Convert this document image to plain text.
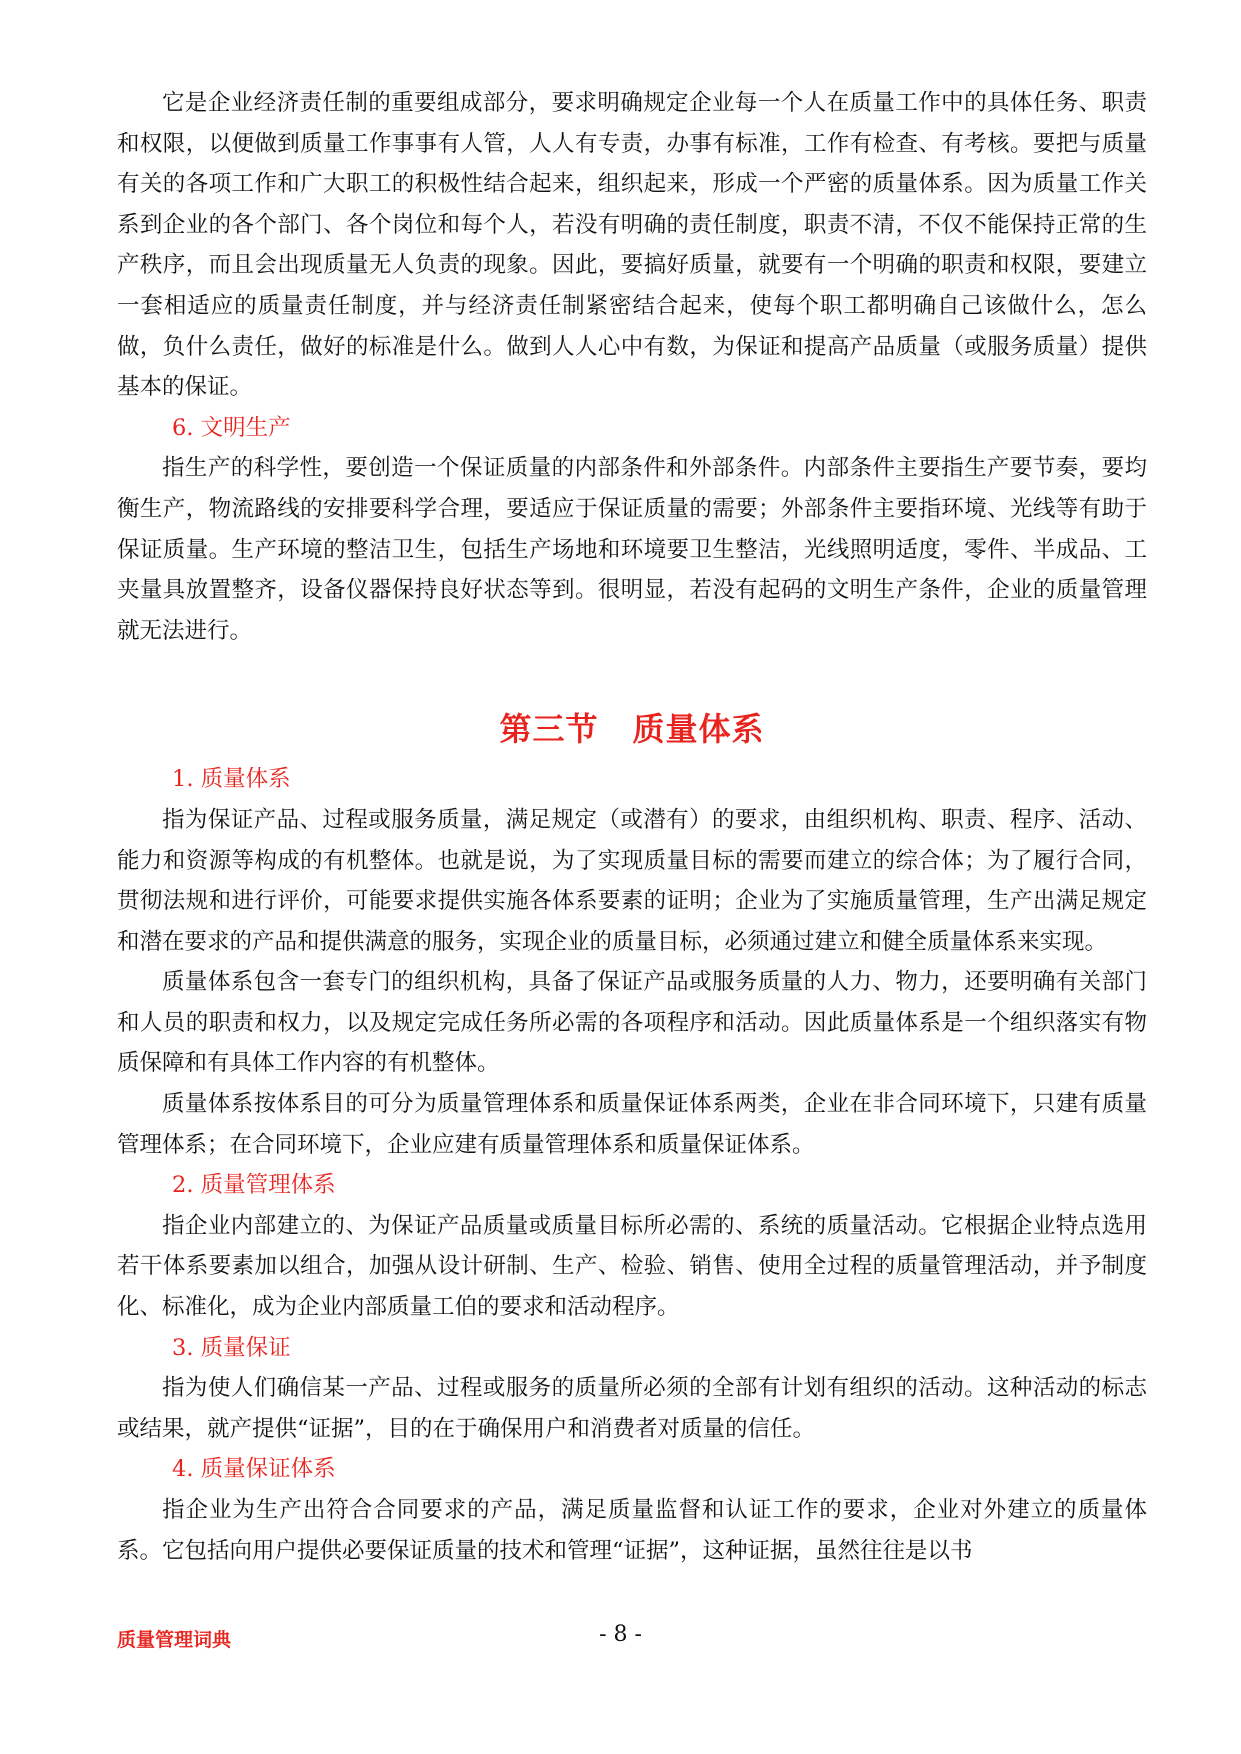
它是企业经济责任制的重要组成部分，要求明确规定企业每一个人在质量工作中的具体任务、职责和权限，以便做到质量工作事事有人管，人人有专责，办事有标准，工作有检查、有考核。要把与质量有关的各项工作和广大职工的积极性结合起来，组织起来，形成一个严密的质量体系。因为质量工作关系到企业的各个部门、各个岗位和每个人，若没有明确的责任制度，职责不清，不仅不能保持正常的生产秩序，而且会出现质量无人负责的现象。因此，要搞好质量，就要有一个明确的职责和权限，要建立一套相适应的质量责任制度，并与经济责任制紧密结合起来，使每个职工都明确自己该做什么，怎么做，负什么责任，做好的标准是什么。做到人人心中有数，为保证和提高产品质量（或服务质量）提供基本的保证。

6. 文明生产

指生产的科学性，要创造一个保证质量的内部条件和外部条件。内部条件主要指生产要节奏，要均衡生产，物流路线的安排要科学合理，要适应于保证质量的需要；外部条件主要指环境、光线等有助于保证质量。生产环境的整洁卫生，包括生产场地和环境要卫生整洁，光线照明适度，零件、半成品、工夹量具放置整齐，设备仪器保持良好状态等到。很明显，若没有起码的文明生产条件，企业的质量管理就无法进行。

第三节 质量体系
1. 质量体系

指为保证产品、过程或服务质量，满足规定（或潜有）的要求，由组织机构、职责、程序、活动、能力和资源等构成的有机整体。也就是说，为了实现质量目标的需要而建立的综合体；为了履行合同，贯彻法规和进行评价，可能要求提供实施各体系要素的证明；企业为了实施质量管理，生产出满足规定和潜在要求的产品和提供满意的服务，实现企业的质量目标，必须通过建立和健全质量体系来实现。

质量体系包含一套专门的组织机构，具备了保证产品或服务质量的人力、物力，还要明确有关部门和人员的职责和权力，以及规定完成任务所必需的各项程序和活动。因此质量体系是一个组织落实有物质保障和有具体工作内容的有机整体。

质量体系按体系目的可分为质量管理体系和质量保证体系两类，企业在非合同环境下，只建有质量管理体系；在合同环境下，企业应建有质量管理体系和质量保证体系。

2. 质量管理体系

指企业内部建立的、为保证产品质量或质量目标所必需的、系统的质量活动。它根据企业特点选用若干体系要素加以组合，加强从设计研制、生产、检验、销售、使用全过程的质量管理活动，并予制度化、标准化，成为企业内部质量工伯的要求和活动程序。

3. 质量保证

指为使人们确信某一产品、过程或服务的质量所必须的全部有计划有组织的活动。这种活动的标志或结果，就产提供“证据”，目的在于确保用户和消费者对质量的信任。

4. 质量保证体系

指企业为生产出符合合同要求的产品，满足质量监督和认证工作的要求，企业对外建立的质量体系。它包括向用户提供必要保证质量的技术和管理“证据”，这种证据，虽然往往是以书

质量管理词典	- 8 -
